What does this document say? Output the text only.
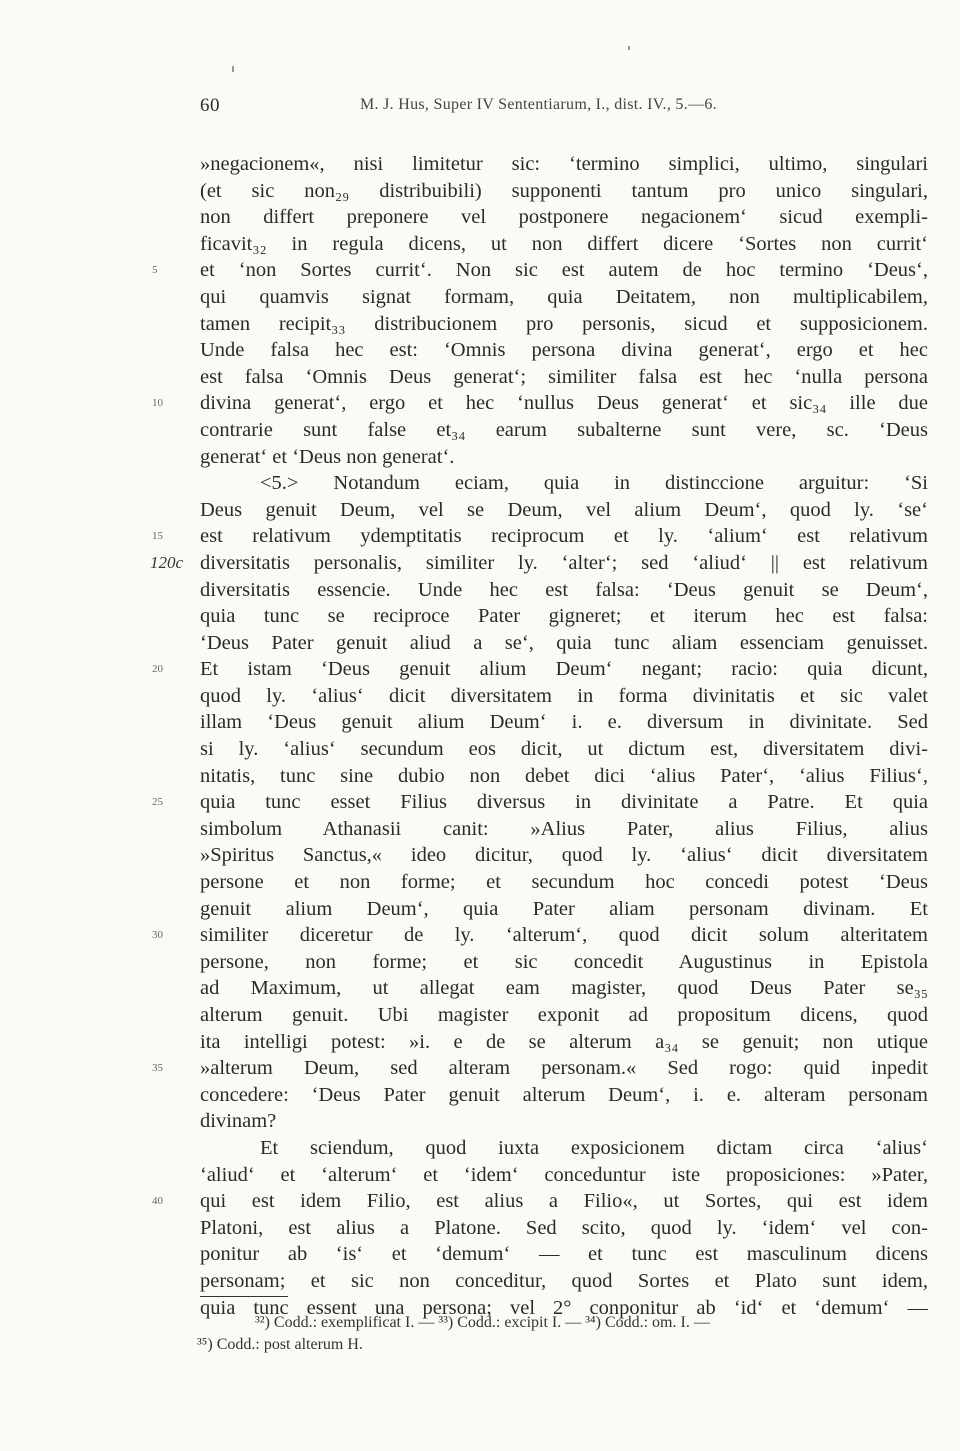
60	M. J. Hus, Super IV Sententiarum, I., dist. IV., 5.—6.
»negacionem«, nisi limitetur sic: ‘termino simplici, ultimo, singulari
(et sic non₂₉ distribuibili) supponenti tantum pro unico singulari,
non differt preponere vel postponere negacionem‘ sicud exempli-
ficavit₃₂ in regula dicens, ut non differt dicere ‘Sortes non currit‘
5 et ‘non Sortes currit‘. Non sic est autem de hoc termino ‘Deus‘,
qui quamvis signat formam, quia Deitatem, non multiplicabilem,
tamen recipit₃₃ distribucionem pro personis, sicud et supposicionem.
Unde falsa hec est: ‘Omnis persona divina generat‘, ergo et hec
est falsa ‘Omnis Deus generat‘; similiter falsa est hec ‘nulla persona
10 divina generat‘, ergo et hec ‘nullus Deus generat‘ et sic₃₄ ille due
contrarie sunt false et₃₄ earum subalterne sunt vere, sc. ‘Deus
generat‘ et ‘Deus non generat‘.
<5.> Notandum eciam, quia in distinccione arguitur: ‘Si
Deus genuit Deum, vel se Deum, vel alium Deum‘, quod ly. ‘se‘
15 est relativum ydemptitatis reciprocum et ly. ‘alium‘ est relativum
120c diversitatis personalis, similiter ly. ‘alter‘; sed ‘aliud‘ || est relativum
diversitatis essencie. Unde hec est falsa: ‘Deus genuit se Deum‘,
quia tunc se reciproce Pater gigneret; et iterum hec est falsa:
‘Deus Pater genuit aliud a se‘, quia tunc aliam essenciam genuisset.
20 Et istam ‘Deus genuit alium Deum‘ negant; racio: quia dicunt,
quod ly. ‘alius‘ dicit diversitatem in forma divinitatis et sic valet
illam ‘Deus genuit alium Deum‘ i. e. diversum in divinitate. Sed
si ly. ‘alius‘ secundum eos dicit, ut dictum est, diversitatem divi-
nitatis, tunc sine dubio non debet dici ‘alius Pater‘, ‘alius Filius‘,
25 quia tunc esset Filius diversus in divinitate a Patre. Et quia
simbolum Athanasii canit: »Alius Pater, alius Filius, alius
»Spiritus Sanctus,« ideo dicitur, quod ly. ‘alius‘ dicit diversitatem
persone et non forme; et secundum hoc concedi potest ‘Deus
genuit alium Deum‘, quia Pater aliam personam divinam. Et
30 similiter diceretur de ly. ‘alterum‘, quod dicit solum alteritatem
persone, non forme; et sic concedit Augustinus in Epistola
ad Maximum, ut allegat eam magister, quod Deus Pater se₃₅
alterum genuit. Ubi magister exponit ad propositum dicens, quod
ita intelligi potest: »i. e de se alterum a₃₄ se genuit; non utique
35 »alterum Deum, sed alteram personam.« Sed rogo: quid inpedit
concedere: ‘Deus Pater genuit alterum Deum‘, i. e. alteram personam
divinam?
Et sciendum, quod iuxta exposicionem dictam circa ‘alius‘
‘aliud‘ et ‘alterum‘ et ‘idem‘ conceduntur iste proposiciones: »Pater,
40 qui est idem Filio, est alius a Filio«, ut Sortes, qui est idem
Platoni, est alius a Platone. Sed scito, quod ly. ‘idem‘ vel con-
ponitur ab ‘is‘ et ‘demum‘ — et tunc est masculinum dicens
personam; et sic non conceditur, quod Sortes et Plato sunt idem,
quia tunc essent una persona; vel 2° conponitur ab ‘id‘ et ‘demum‘ —
³²) Codd.: exemplificat I. — ³³) Codd.: excipit I. — ³⁴) Codd.: om. I. —
³⁵) Codd.: post alterum H.
